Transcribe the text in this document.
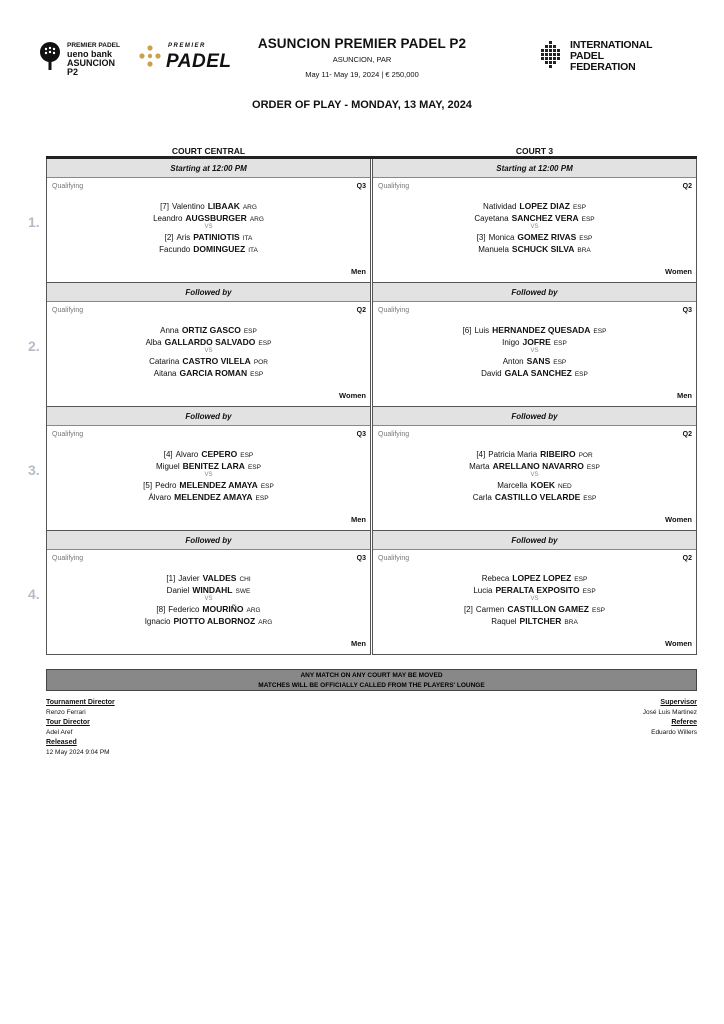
PREMIER PADEL
ueno bank
ASUNCION
P2
PREMIER
PADEL
ASUNCION PREMIER PADEL P2
ASUNCION, PAR
May 11- May 19, 2024 | € 250,000
INTERNATIONAL
PADEL
FEDERATION
ORDER OF PLAY - MONDAY, 13 MAY, 2024
COURT CENTRAL	COURT 3
Starting at 12:00 PM
Qualifying	Q3
[7] Valentino LIBAAK ARG
Leandro AUGSBURGER ARG
VS
[2] Aris PATINIOTIS ITA
Facundo DOMINGUEZ ITA
Men
Starting at 12:00 PM
Qualifying	Q2
Natividad LOPEZ DIAZ ESP
Cayetana SANCHEZ VERA ESP
VS
[3] Monica GOMEZ RIVAS ESP
Manuela SCHUCK SILVA BRA
Women
Followed by
Qualifying	Q2
Anna ORTIZ GASCO ESP
Alba GALLARDO SALVADO ESP
VS
Catarina CASTRO VILELA POR
Aitana GARCIA ROMAN ESP
Women
Followed by
Qualifying	Q3
[6] Luis HERNANDEZ QUESADA ESP
Inigo JOFRE ESP
VS
Anton SANS ESP
David GALA SANCHEZ ESP
Men
Followed by
Qualifying	Q3
[4] Alvaro CEPERO ESP
Miguel BENITEZ LARA ESP
VS
[5] Pedro MELENDEZ AMAYA ESP
Álvaro MELENDEZ AMAYA ESP
Men
Followed by
Qualifying	Q2
[4] Patricia Maria RIBEIRO POR
Marta ARELLANO NAVARRO ESP
VS
Marcella KOEK NED
Carla CASTILLO VELARDE ESP
Women
Followed by
Qualifying	Q3
[1] Javier VALDES CHI
Daniel WINDAHL SWE
VS
[8] Federico MOURIÑO ARG
Ignacio PIOTTO ALBORNOZ ARG
Men
Followed by
Qualifying	Q2
Rebeca LOPEZ LOPEZ ESP
Lucia PERALTA EXPOSITO ESP
VS
[2] Carmen CASTILLON GAMEZ ESP
Raquel PILTCHER BRA
Women
ANY MATCH ON ANY COURT MAY BE MOVED
MATCHES WILL BE OFFICIALLY CALLED FROM THE PLAYERS' LOUNGE
Tournament Director
Renzo Ferrari
Tour Director
Adel Aref
Released
12 May 2024 9:04 PM
Supervisor
José Luis Martinez
Referee
Eduardo Willers
1.
2.
3.
4.
